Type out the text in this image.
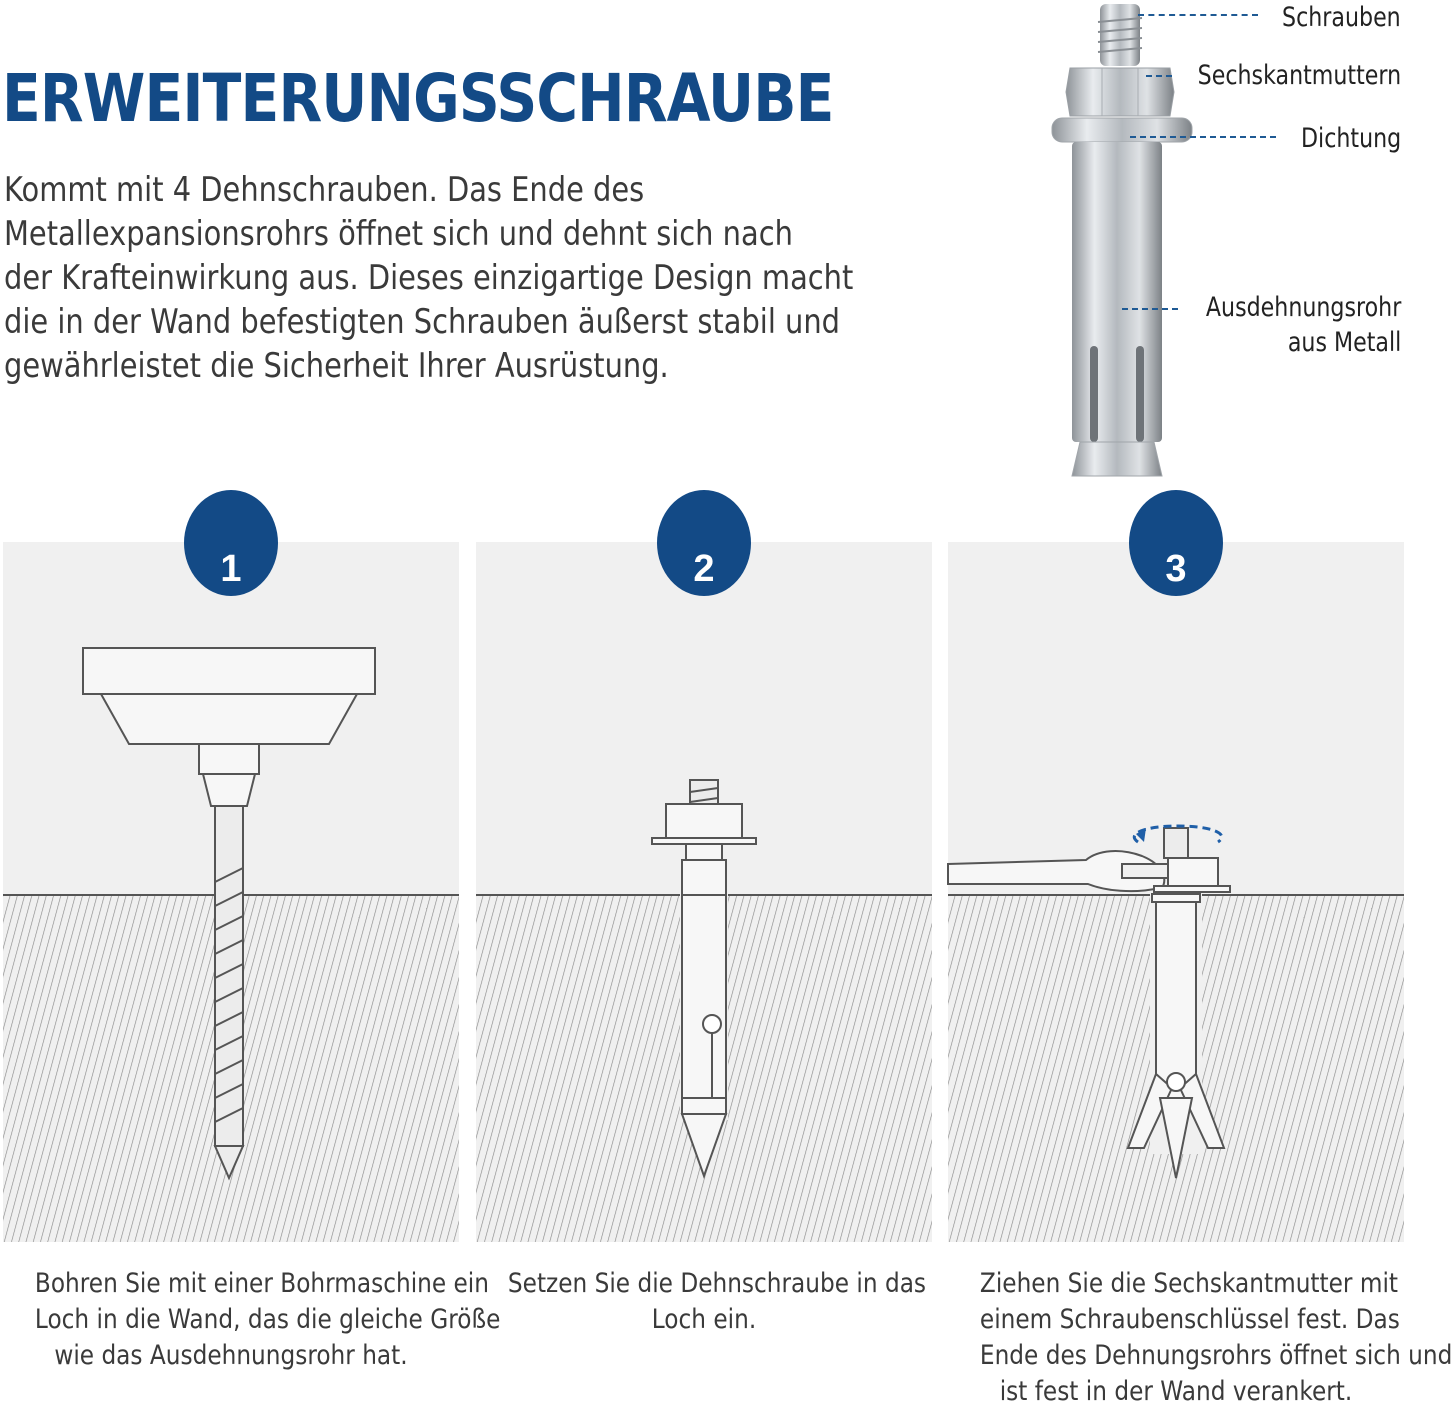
ERWEITERUNGSSCHRAUBE

Kommt mit 4 Dehnschrauben. Das Ende des
Metallexpansionsrohrs öffnet sich und dehnt sich nach
der Krafteinwirkung aus. Dieses einzigartige Design macht
die in der Wand befestigten Schrauben äußerst stabil und
gewährleistet die Sicherheit Ihrer Ausrüstung.

Schrauben
Sechskantmuttern
Dichtung
Ausdehnungsrohr
aus Metall
1

Bohren Sie mit einer Bohrmaschine ein
Loch in die Wand, das die gleiche Größe
wie das Ausdehnungsrohr hat.

2

Setzen Sie die Dehnschraube in das
Loch ein.

3

Ziehen Sie die Sechskantmutter mit
einem Schraubenschlüssel fest. Das
Ende des Dehnungsrohrs öffnet sich und
ist fest in der Wand verankert.
